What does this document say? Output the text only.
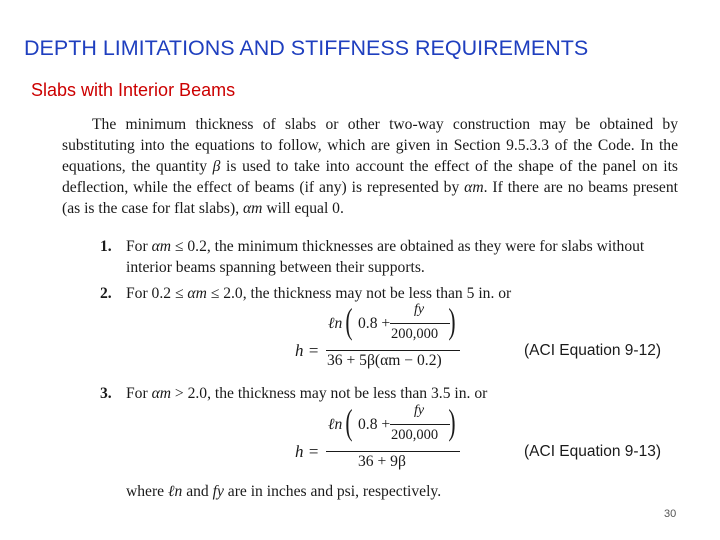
DEPTH LIMITATIONS AND STIFFNESS REQUIREMENTS
Slabs with Interior Beams
The minimum thickness of slabs or other two-way construction may be obtained by substituting into the equations to follow, which are given in Section 9.5.3.3 of the Code. In the equations, the quantity β is used to take into account the effect of the shape of the panel on its deflection, while the effect of beams (if any) is represented by αm. If there are no beams present (as is the case for flat slabs), αm will equal 0.
1. For αm ≤ 0.2, the minimum thicknesses are obtained as they were for slabs without interior beams spanning between their supports.
2. For 0.2 ≤ αm ≤ 2.0, the thickness may not be less than 5 in. or
h =
ℓn ( 0.8 +
fy
200,000 )
36 + 5β(αm − 0.2)
(ACI Equation 9-12)
3. For αm > 2.0, the thickness may not be less than 3.5 in. or
h =
ℓn ( 0.8 +
fy
200,000 )
36 + 9β
(ACI Equation 9-13)
where ℓn and fy are in inches and psi, respectively.
30
